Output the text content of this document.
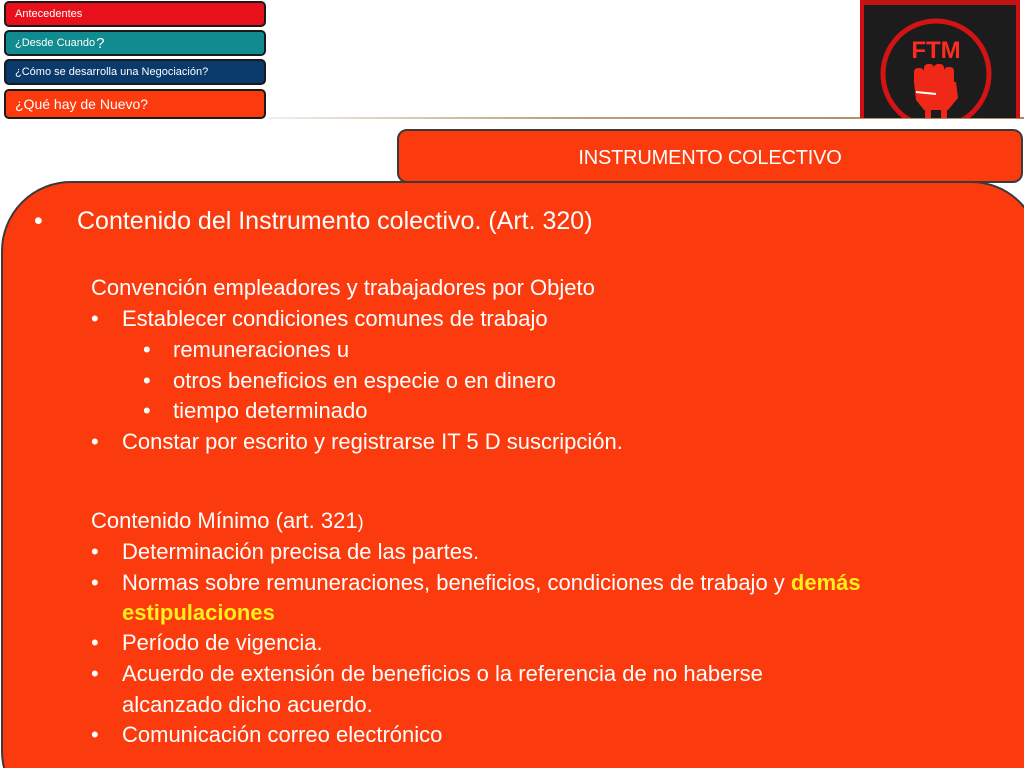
Antecedentes
¿Desde Cuando ?
¿Cómo se desarrolla una Negociación?
¿Qué hay de Nuevo?
FTM
INSTRUMENTO COLECTIVO
• Contenido del Instrumento colectivo. (Art. 320)
Convención empleadores y trabajadores por Objeto
• Establecer condiciones comunes de trabajo
• remuneraciones u
• otros beneficios en especie o en dinero
• tiempo determinado
• Constar por escrito y registrarse IT 5 D suscripción.
Contenido Mínimo (art. 321)
• Determinación precisa de las partes.
• Normas sobre remuneraciones, beneficios, condiciones de trabajo y demás
estipulaciones
• Período de vigencia.
• Acuerdo de extensión de beneficios o la referencia de no haberse
alcanzado dicho acuerdo.
• Comunicación correo electrónico
